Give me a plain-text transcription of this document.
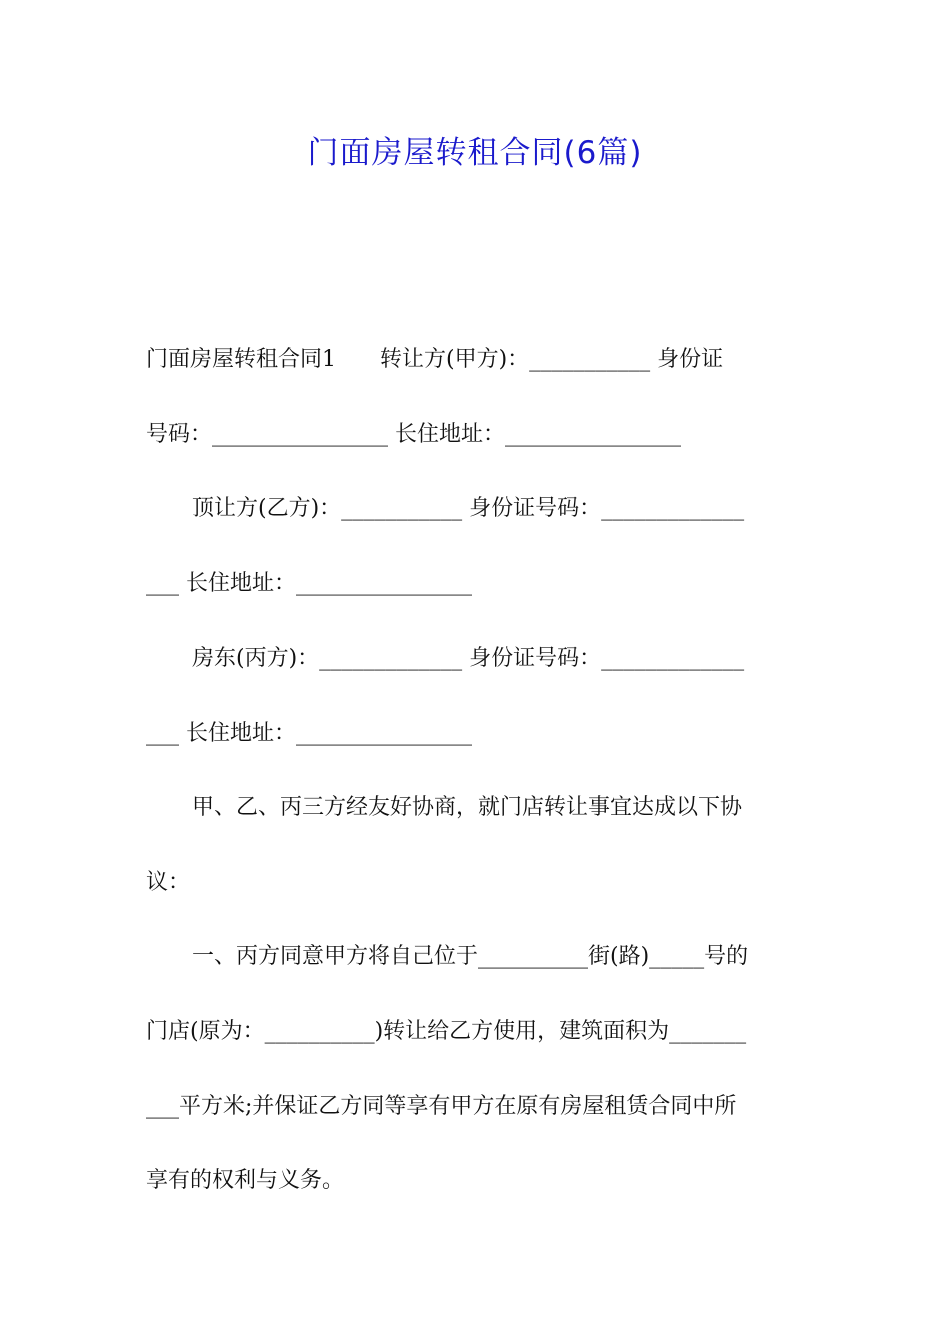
门面房屋转租合同(6篇)
门面房屋转租合同1　　转让方(甲方)：___________ 身份证
号码：________________ 长住地址：________________
顶让方(乙方)：___________ 身份证号码：_____________
___ 长住地址：________________
房东(丙方)：_____________ 身份证号码：_____________
___ 长住地址：________________
甲、乙、丙三方经友好协商，就门店转让事宜达成以下协
议：
一、丙方同意甲方将自己位于__________街(路)_____号的
门店(原为：__________)转让给乙方使用，建筑面积为_______
___平方米;并保证乙方同等享有甲方在原有房屋租赁合同中所
享有的权利与义务。
